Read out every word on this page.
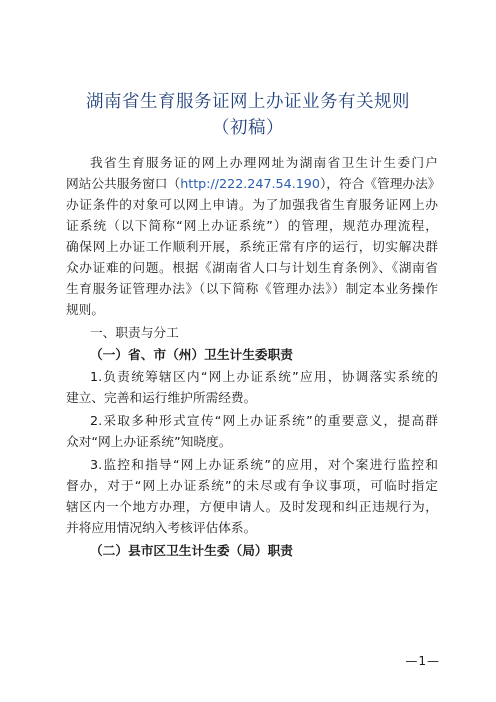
湖南省生育服务证网上办证业务有关规则
（初稿）
我省生育服务证的网上办理网址为湖南省卫生计生委门户
网站公共服务窗口（http://222.247.54.190），符合《管理办法》
办证条件的对象可以网上申请。为了加强我省生育服务证网上办
证系统（以下简称“网上办证系统”）的管理，规范办理流程，
确保网上办证工作顺利开展，系统正常有序的运行，切实解决群
众办证难的问题。根据《湖南省人口与计划生育条例》、《湖南省
生育服务证管理办法》（以下简称《管理办法》）制定本业务操作
规则。
一、职责与分工
（一）省、市（州）卫生计生委职责
1.负责统筹辖区内“网上办证系统”应用，协调落实系统的
建立、完善和运行维护所需经费。
2.采取多种形式宣传“网上办证系统”的重要意义，提高群
众对“网上办证系统”知晓度。
3.监控和指导“网上办证系统”的应用，对个案进行监控和
督办，对于“网上办证系统”的未尽或有争议事项，可临时指定
辖区内一个地方办理，方便申请人。及时发现和纠正违规行为，
并将应用情况纳入考核评估体系。
（二）县市区卫生计生委（局）职责
—1—
